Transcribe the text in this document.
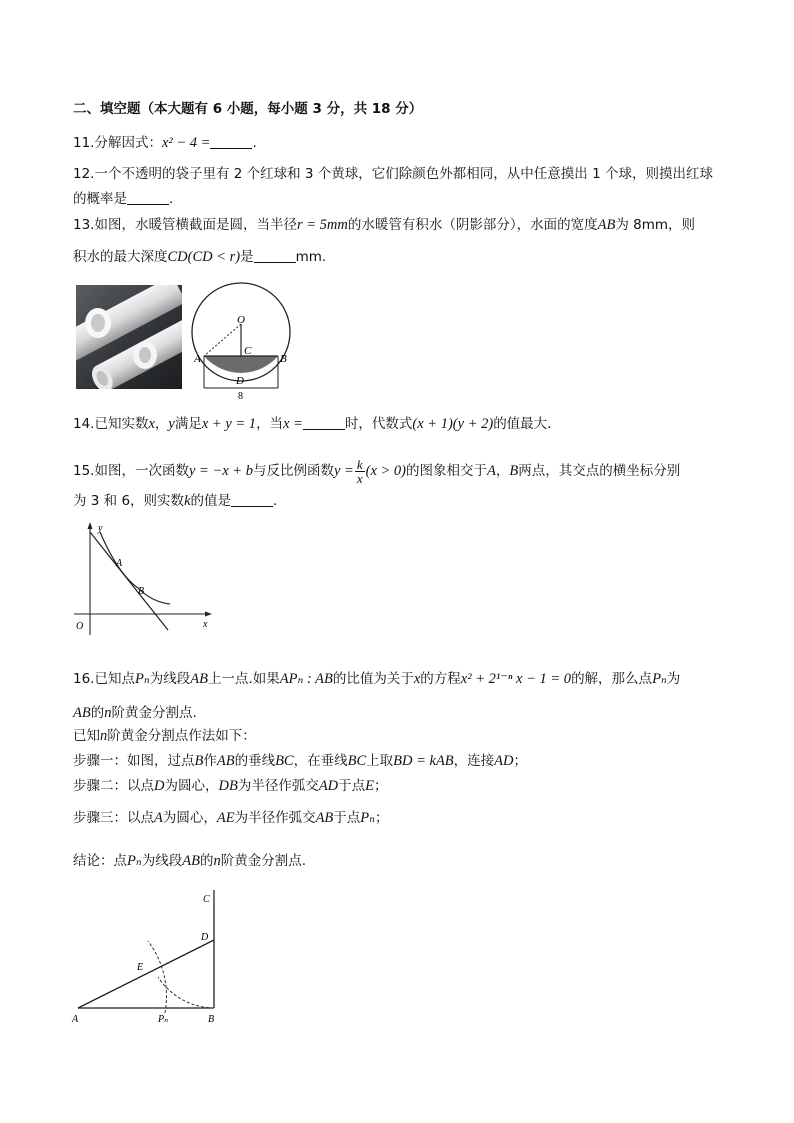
二、填空题（本大题有 6 小题，每小题 3 分，共 18 分）
11.分解因式：x² − 4 =	.
12.一个不透明的袋子里有 2 个红球和 3 个黄球，它们除颜色外都相同，从中任意摸出 1 个球，则摸出红球
的概率是	.
13.如图，水暖管横截面是圆，当半径r = 5mm的水暖管有积水（阴影部分），水面的宽度AB为 8mm，则
积水的最大深度CD(CD < r)是	mm.
O
C
A	B
D
8
14.已知实数x，y满足x + y = 1，当x =	时，代数式(x + 1)(y + 2)的值最大.
15.如图，一次函数y = −x + b与反比例函数$y = \frac{k}{x} (x > 0)$的图象相交于A，B两点，其交点的横坐标分别
为 3 和 6，则实数k的值是	.
y
x
O
A
B
16.已知点Pₙ为线段AB上一点.如果APₙ : AB的比值为关于x的方程x² + 2¹⁻ⁿ x − 1 = 0的解，那么点Pₙ为
AB的n阶黄金分割点.
已知n阶黄金分割点作法如下：
步骤一：如图，过点B作AB的垂线BC，在垂线BC上取BD = kAB，连接AD；
步骤二：以点D为圆心，DB为半径作弧交AD于点E；
步骤三：以点A为圆心，AE为半径作弧交AB于点Pₙ；
结论：点Pₙ为线段AB的n阶黄金分割点.
A	B
C
D
E
Pₙ
